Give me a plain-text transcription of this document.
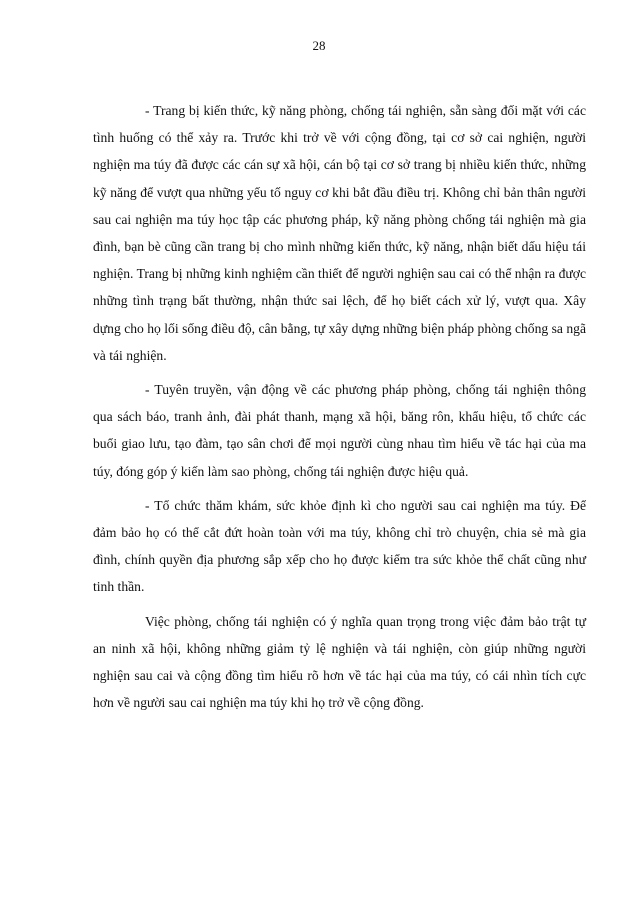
28

- Trang bị kiến thức, kỹ năng phòng, chống tái nghiện, sẵn sàng đối mặt với các tình huống có thể xảy ra. Trước khi trở về với cộng đồng, tại cơ sở cai nghiện, người nghiện ma túy đã được các cán sự xã hội, cán bộ tại cơ sở trang bị nhiều kiến thức, những kỹ năng để vượt qua những yếu tố nguy cơ khi bắt đầu điều trị. Không chỉ bản thân người sau cai nghiện ma túy học tập các phương pháp, kỹ năng phòng chống tái nghiện mà gia đình, bạn bè cũng cần trang bị cho mình những kiến thức, kỹ năng, nhận biết dấu hiệu tái nghiện. Trang bị những kinh nghiệm cần thiết để người nghiện sau cai có thể nhận ra được những tình trạng bất thường, nhận thức sai lệch, để họ biết cách xử lý, vượt qua. Xây dựng cho họ lối sống điều độ, cân bằng, tự xây dựng những biện pháp phòng chống sa ngã và tái nghiện.

- Tuyên truyền, vận động về các phương pháp phòng, chống tái nghiện thông qua sách báo, tranh ảnh, đài phát thanh, mạng xã hội, băng rôn, khẩu hiệu, tổ chức các buổi giao lưu, tạo đàm, tạo sân chơi để mọi người cùng nhau tìm hiểu về tác hại của ma túy, đóng góp ý kiến làm sao phòng, chống tái nghiện được hiệu quả.

- Tổ chức thăm khám, sức khỏe định kì cho người sau cai nghiện ma túy. Để đảm bảo họ có thể cắt đứt hoàn toàn với ma túy, không chỉ trò chuyện, chia sẻ mà gia đình, chính quyền địa phương sắp xếp cho họ được kiểm tra sức khỏe thể chất cũng như tinh thần.

Việc phòng, chống tái nghiện có ý nghĩa quan trọng trong việc đảm bảo trật tự an ninh xã hội, không những giảm tỷ lệ nghiện và tái nghiện, còn giúp những người nghiện sau cai và cộng đồng tìm hiểu rõ hơn về tác hại của ma túy, có cái nhìn tích cực hơn về người sau cai nghiện ma túy khi họ trở về cộng đồng.
